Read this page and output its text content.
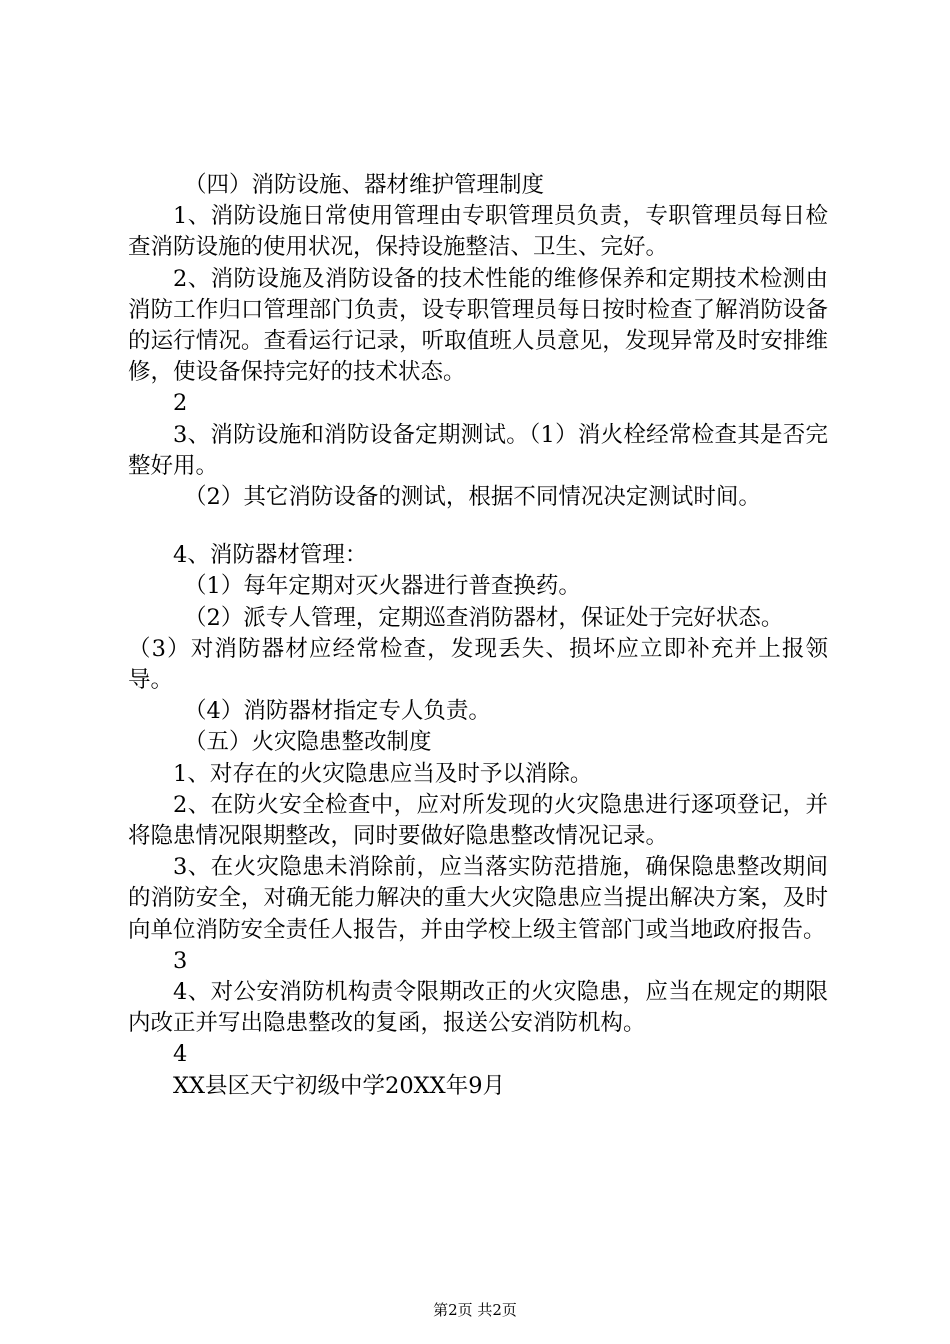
（四）消防设施、器材维护管理制度

1、消防设施日常使用管理由专职管理员负责，专职管理员每日检查消防设施的使用状况，保持设施整洁、卫生、完好。

2、消防设施及消防设备的技术性能的维修保养和定期技术检测由消防工作归口管理部门负责，设专职管理员每日按时检查了解消防设备的运行情况。查看运行记录，听取值班人员意见，发现异常及时安排维修，使设备保持完好的技术状态。

2

3、消防设施和消防设备定期测试。（1）消火栓经常检查其是否完整好用。

（2）其它消防设备的测试，根据不同情况决定测试时间。

4、消防器材管理：

（1）每年定期对灭火器进行普查换药。

（2）派专人管理，定期巡查消防器材，保证处于完好状态。

（3）对消防器材应经常检查，发现丢失、损坏应立即补充并上报领导。

（4）消防器材指定专人负责。

（五）火灾隐患整改制度

1、对存在的火灾隐患应当及时予以消除。

2、在防火安全检查中，应对所发现的火灾隐患进行逐项登记，并将隐患情况限期整改，同时要做好隐患整改情况记录。

3、在火灾隐患未消除前，应当落实防范措施，确保隐患整改期间的消防安全，对确无能力解决的重大火灾隐患应当提出解决方案，及时向单位消防安全责任人报告，并由学校上级主管部门或当地政府报告。

3

4、对公安消防机构责令限期改正的火灾隐患，应当在规定的期限内改正并写出隐患整改的复函，报送公安消防机构。

4

XX县区天宁初级中学20XX年9月

第2页 共2页
